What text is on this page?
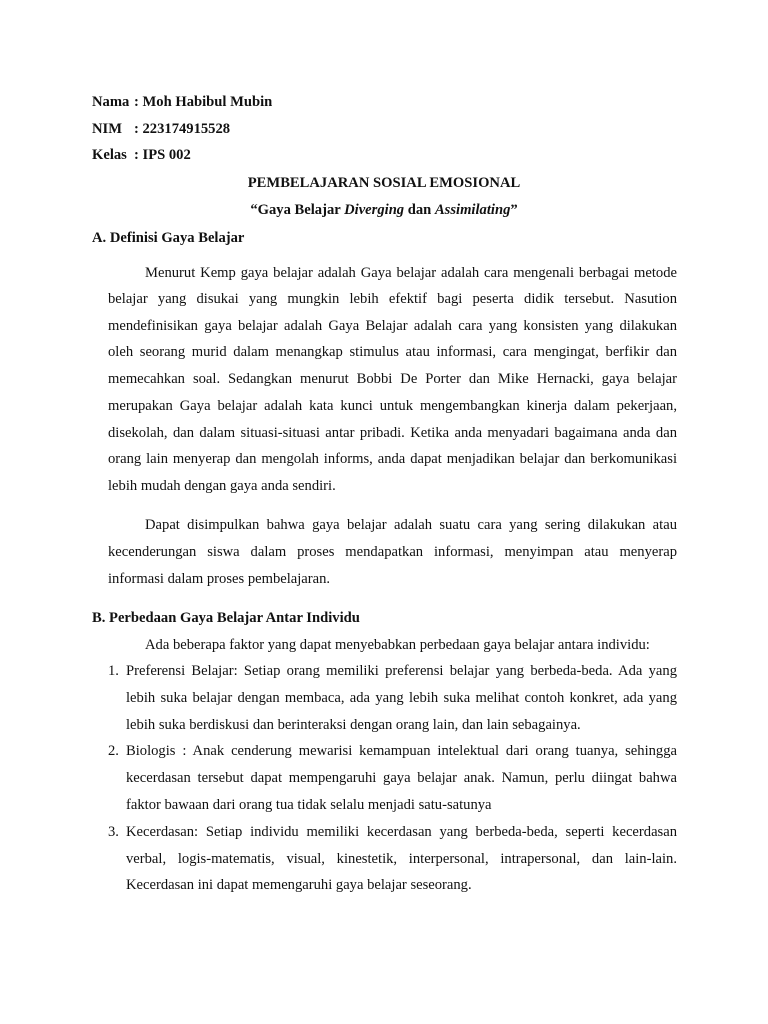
Nama : Moh Habibul Mubin
NIM : 223174915528
Kelas : IPS 002
PEMBELAJARAN SOSIAL EMOSIONAL
“Gaya Belajar Diverging dan Assimilating”
A. Definisi Gaya Belajar
Menurut Kemp gaya belajar adalah Gaya belajar adalah cara mengenali berbagai metode
belajar yang disukai yang mungkin lebih efektif bagi peserta didik tersebut. Nasution
mendefinisikan gaya belajar adalah Gaya Belajar adalah cara yang konsisten yang dilakukan
oleh seorang murid dalam menangkap stimulus atau informasi, cara mengingat, berfikir dan
memecahkan soal. Sedangkan menurut Bobbi De Porter dan Mike Hernacki, gaya belajar
merupakan Gaya belajar adalah kata kunci untuk mengembangkan kinerja dalam pekerjaan,
disekolah, dan dalam situasi-situasi antar pribadi. Ketika anda menyadari bagaimana anda dan
orang lain menyerap dan mengolah informs, anda dapat menjadikan belajar dan berkomunikasi
lebih mudah dengan gaya anda sendiri.
Dapat disimpulkan bahwa gaya belajar adalah suatu cara yang sering dilakukan atau
kecenderungan siswa dalam proses mendapatkan informasi, menyimpan atau menyerap
informasi dalam proses pembelajaran.
B. Perbedaan Gaya Belajar Antar Individu
Ada beberapa faktor yang dapat menyebabkan perbedaan gaya belajar antara individu:
1. Preferensi Belajar: Setiap orang memiliki preferensi belajar yang berbeda-beda. Ada yang
lebih suka belajar dengan membaca, ada yang lebih suka melihat contoh konkret, ada yang
lebih suka berdiskusi dan berinteraksi dengan orang lain, dan lain sebagainya.
2. Biologis : Anak cenderung mewarisi kemampuan intelektual dari orang tuanya, sehingga
kecerdasan tersebut dapat mempengaruhi gaya belajar anak. Namun, perlu diingat bahwa
faktor bawaan dari orang tua tidak selalu menjadi satu-satunya
3. Kecerdasan: Setiap individu memiliki kecerdasan yang berbeda-beda, seperti kecerdasan
verbal, logis-matematis, visual, kinestetik, interpersonal, intrapersonal, dan lain-lain.
Kecerdasan ini dapat memengaruhi gaya belajar seseorang.
